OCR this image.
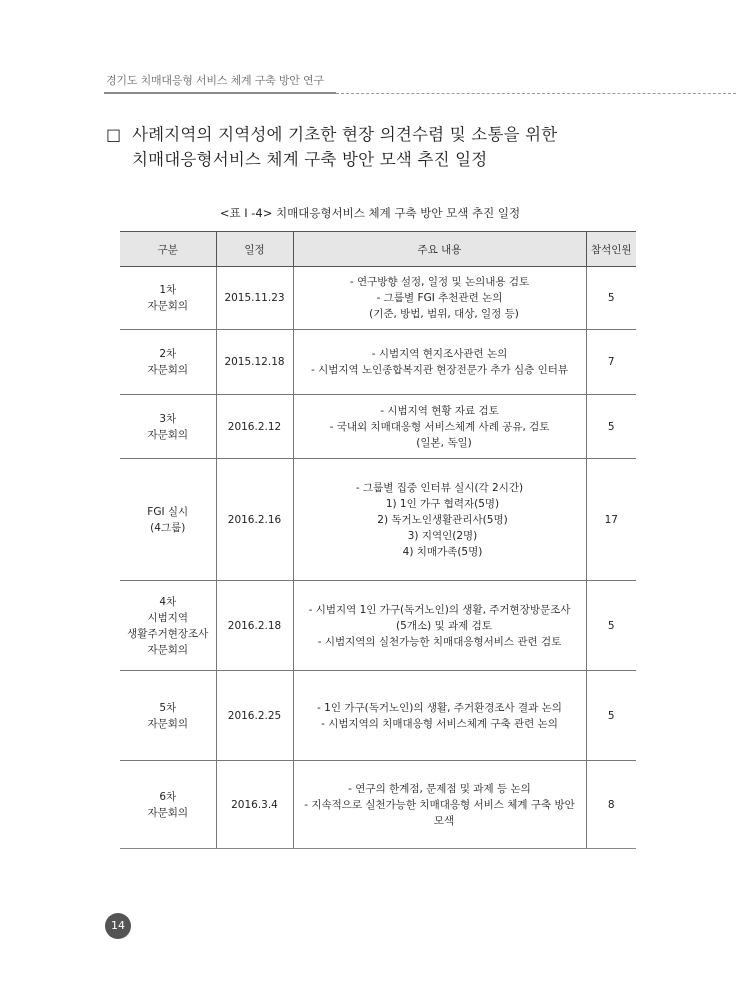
경기도 치매대응형 서비스 체계 구축 방안 연구
□ 사례지역의 지역성에 기초한 현장 의견수렴 및 소통을 위한 치매대응형서비스 체계 구축 방안 모색 추진 일정
<표 Ⅰ -4> 치매대응형서비스 체계 구축 방안 모색 추진 일정
구분	일정	주요 내용	참석인원

1차
자문회의	2015.11.23	- 연구방향 설정, 일정 및 논의내용 검토
- 그룹별 FGI 추천관련 논의
(기준, 방법, 범위, 대상, 일정 등)	5

2차
자문회의	2015.12.18	- 시범지역 현지조사관련 논의
- 시범지역 노인종합복지관 현장전문가 추가 심층 인터뷰	7

3차
자문회의	2016.2.12	- 시범지역 현황 자료 검토
- 국내외 치매대응형 서비스체계 사례 공유, 검토
(일본, 독일)	5

FGI 실시
(4그룹)	2016.2.16	- 그룹별 집중 인터뷰 실시(각 2시간)
1) 1인 가구 협력자(5명)
2) 독거노인생활관리사(5명)
3) 지역인(2명)
4) 치매가족(5명)	17

4차
시범지역
생활주거현장조사
자문회의	2016.2.18	- 시범지역 1인 가구(독거노인)의 생활, 주거현장방문조사
(5개소) 및 과제 검토
- 시범지역의 실천가능한 치매대응형서비스 관련 검토	5

5차
자문회의	2016.2.25	- 1인 가구(독거노인)의 생활, 주거환경조사 결과 논의
- 시범지역의 치매대응형 서비스체계 구축 관련 논의	5

6차
자문회의	2016.3.4	- 연구의 한계점, 문제점 및 과제 등 논의
- 지속적으로 실천가능한 치매대응형 서비스 체계 구축 방안
모색	8
14
